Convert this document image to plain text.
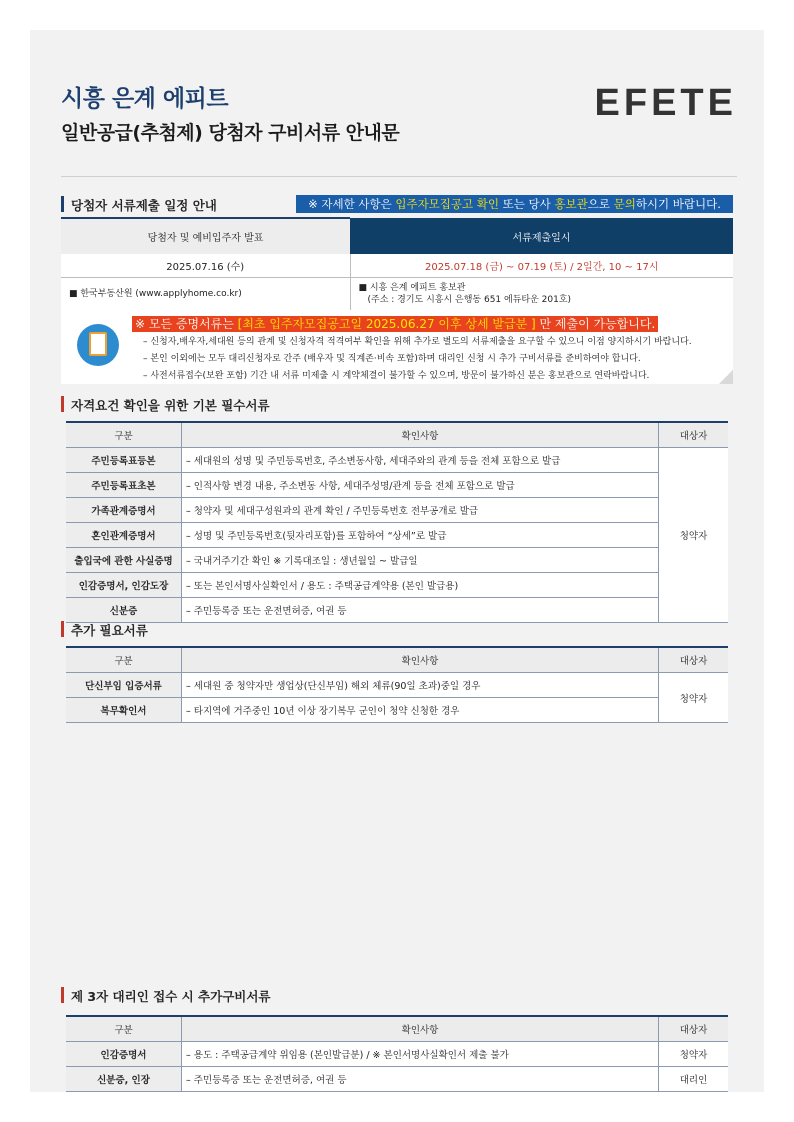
시흥 은계 에피트
일반공급(추첨제) 당첨자 구비서류 안내문
EFETE
당첨자 서류제출 일정 안내	※ 자세한 사항은 입주자모집공고 확인 또는 당사 홍보관으로 문의하시기 바랍니다.
당첨자 및 예비입주자 발표	서류제출일시
2025.07.16 (수)	2025.07.18 (금) ~ 07.19 (토) / 2일간, 10 ~ 17시
■ 한국부동산원 (www.applyhome.co.kr)	■ 시흥 은계 에피트 홍보관
(주소 : 경기도 시흥시 은행동 651 에듀타운 201호)
※ 모든 증명서류는 [최초 입주자모집공고일 2025.06.27 이후 상세 발급분 ] 만 제출이 가능합니다.
– 신청자,배우자,세대원 등의 관계 및 신청자격 적격여부 확인을 위해 추가로 별도의 서류제출을 요구할 수 있으니 이점 양지하시기 바랍니다.
– 본인 이외에는 모두 대리신청자로 간주 (배우자 및 직계존·비속 포함)하며 대리인 신청 시 추가 구비서류를 준비하여야 합니다.
– 사전서류접수(보완 포함) 기간 내 서류 미제출 시 계약체결이 불가할 수 있으며, 방문이 불가하신 분은 홍보관으로 연락바랍니다.
자격요건 확인을 위한 기본 필수서류
구분	확인사항	대상자
주민등록표등본	– 세대원의 성명 및 주민등록번호, 주소변동사항, 세대주와의 관계 등을 전체 포함으로 발급	청약자
주민등록표초본	– 인적사항 변경 내용, 주소변동 사항, 세대주성명/관계 등을 전체 포함으로 발급	
가족관계증명서	– 청약자 및 세대구성원과의 관계 확인 / 주민등록번호 전부공개로 발급	
혼인관계증명서	– 성명 및 주민등록번호(뒷자리포함)를 포함하여 “상세”로 발급	
출입국에 관한 사실증명	– 국내거주기간 확인 ※ 기록대조일 : 생년월일 ~ 발급일	
인감증명서, 인감도장	– 또는 본인서명사실확인서 / 용도 : 주택공급계약용 (본인 발급용)	
신분증	– 주민등록증 또는 운전면허증, 여권 등	
추가 필요서류
구분	확인사항	대상자
단신부임 입증서류	– 세대원 중 청약자만 생업상(단신부임) 해외 체류(90일 초과)중일 경우	청약자
복무확인서	– 타지역에 거주중인 10년 이상 장기복무 군인이 청약 신청한 경우	
제 3자 대리인 접수 시 추가구비서류
구분	확인사항	대상자
인감증명서	– 용도 : 주택공급계약 위임용 (본인발급분) / ※ 본인서명사실확인서 제출 불가	청약자
신분증, 인장	– 주민등록증 또는 운전면허증, 여권 등	대리인
